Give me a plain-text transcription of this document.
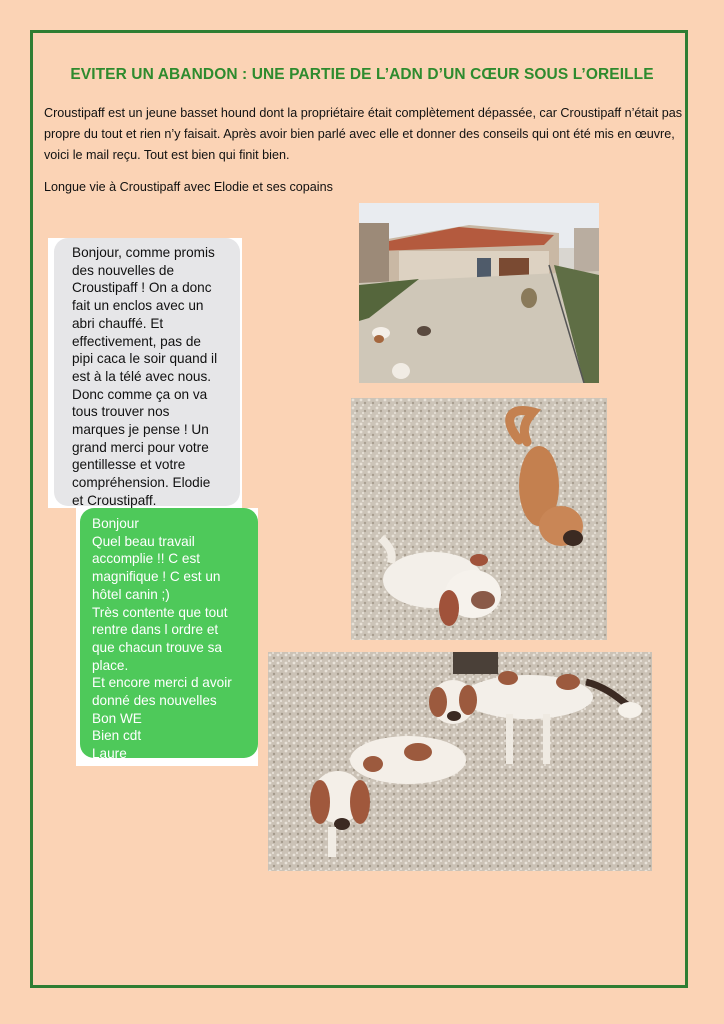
EVITER UN ABANDON : UNE PARTIE DE L’ADN D’UN CŒUR SOUS L’OREILLE

Croustipaff est un jeune basset hound dont la propriétaire était complètement dépassée, car Croustipaff n’était pas propre du tout et rien n’y faisait. Après avoir bien parlé avec elle et donner des conseils qui ont été mis en œuvre, voici le mail reçu. Tout est bien qui finit bien.

Longue vie à Croustipaff avec Elodie et ses copains

Bonjour, comme promis
des nouvelles de
Croustipaff ! On a donc
fait un enclos avec un
abri chauffé. Et
effectivement, pas de
pipi caca le soir quand il
est à la télé avec nous.
Donc comme ça on va
tous trouver nos
marques je pense ! Un
grand merci pour votre
gentillesse et votre
compréhension. Elodie
et Croustipaff.

Bonjour
Quel beau travail
accomplie !! C est
magnifique ! C est un
hôtel canin ;)
Très contente que tout
rentre dans l ordre et
que chacun trouve sa
place.
Et encore merci d avoir
donné des nouvelles
Bon WE
Bien cdt
Laure
